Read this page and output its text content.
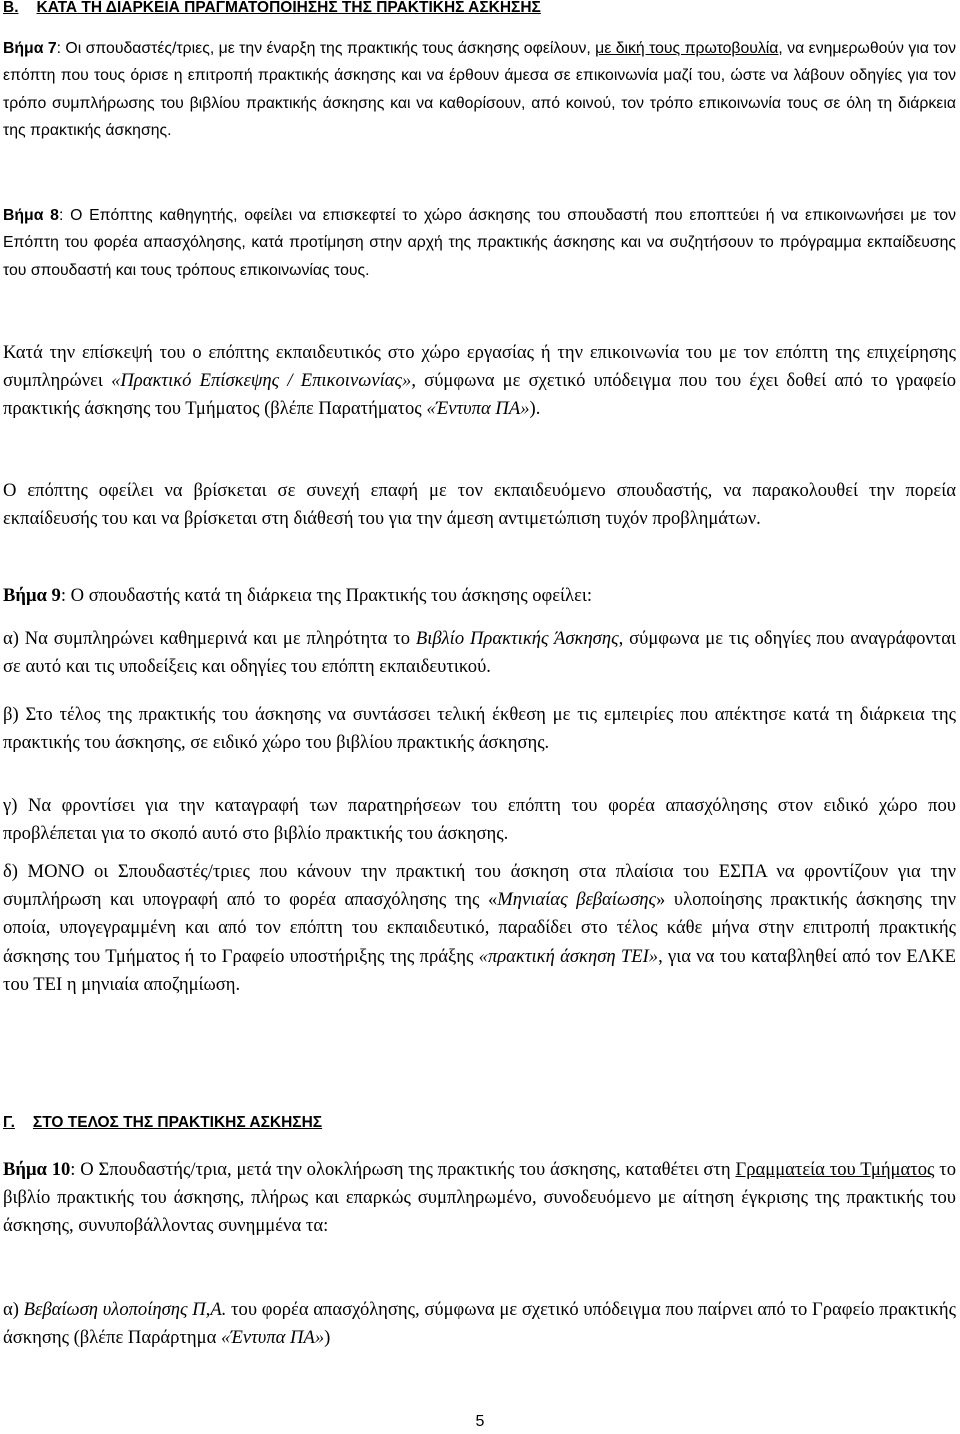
Β. ΚΑΤΑ ΤΗ ΔΙΑΡΚΕΙΑ ΠΡΑΓΜΑΤΟΠΟΙΗΣΗΣ ΤΗΣ ΠΡΑΚΤΙΚΗΣ ΑΣΚΗΣΗΣ

Βήμα 7: Οι σπουδαστές/τριες, με την έναρξη της πρακτικής τους άσκησης οφείλουν, με δική τους πρωτοβουλία, να ενημερωθούν για τον επόπτη που τους όρισε η επιτροπή πρακτικής άσκησης και να έρθουν άμεσα σε επικοινωνία μαζί του, ώστε να λάβουν οδηγίες για τον τρόπο συμπλήρωσης του βιβλίου πρακτικής άσκησης και να καθορίσουν, από κοινού, τον τρόπο επικοινωνία τους σε όλη τη διάρκεια της πρακτικής άσκησης.

Βήμα 8: Ο Επόπτης καθηγητής, οφείλει να επισκεφτεί το χώρο άσκησης του σπουδαστή που εποπτεύει ή να επικοινωνήσει με τον Επόπτη του φορέα απασχόλησης, κατά προτίμηση στην αρχή της πρακτικής άσκησης και να συζητήσουν το πρόγραμμα εκπαίδευσης του σπουδαστή και τους τρόπους επικοινωνίας τους.

Κατά την επίσκεψή του ο επόπτης εκπαιδευτικός στο χώρο εργασίας ή την επικοινωνία του με τον επόπτη της επιχείρησης συμπληρώνει «Πρακτικό Επίσκεψης / Επικοινωνίας», σύμφωνα με σχετικό υπόδειγμα που του έχει δοθεί από το γραφείο πρακτικής άσκησης του Τμήματος (βλέπε Παρατήματος «Έντυπα ΠΑ»).

Ο επόπτης οφείλει να βρίσκεται σε συνεχή επαφή με τον εκπαιδευόμενο σπουδαστής, να παρακολουθεί την πορεία εκπαίδευσής του και να βρίσκεται στη διάθεσή του για την άμεση αντιμετώπιση τυχόν προβλημάτων.

Βήμα 9: Ο σπουδαστής κατά τη διάρκεια της Πρακτικής του άσκησης οφείλει:

α) Να συμπληρώνει καθημερινά και με πληρότητα το Βιβλίο Πρακτικής Άσκησης, σύμφωνα με τις οδηγίες που αναγράφονται σε αυτό και τις υποδείξεις και οδηγίες του επόπτη εκπαιδευτικού.

β) Στο τέλος της πρακτικής του άσκησης να συντάσσει τελική έκθεση με τις εμπειρίες που απέκτησε κατά τη διάρκεια της πρακτικής του άσκησης, σε ειδικό χώρο του βιβλίου πρακτικής άσκησης.

γ) Να φροντίσει για την καταγραφή των παρατηρήσεων του επόπτη του φορέα απασχόλησης στον ειδικό χώρο που προβλέπεται για το σκοπό αυτό στο βιβλίο πρακτικής του άσκησης.

δ) ΜΟΝΟ οι Σπουδαστές/τριες που κάνουν την πρακτική του άσκηση στα πλαίσια του ΕΣΠΑ να φροντίζουν για την συμπλήρωση και υπογραφή από το φορέα απασχόλησης της «Μηνιαίας βεβαίωσης» υλοποίησης πρακτικής άσκησης την οποία, υπογεγραμμένη και από τον επόπτη του εκπαιδευτικό, παραδίδει στο τέλος κάθε μήνα στην επιτροπή πρακτικής άσκησης του Τμήματος ή το Γραφείο υποστήριξης της πράξης «πρακτική άσκηση ΤΕΙ», για να του καταβληθεί από τον ΕΛΚΕ του ΤΕΙ η μηνιαία αποζημίωση.

Γ. ΣΤΟ ΤΕΛΟΣ ΤΗΣ ΠΡΑΚΤΙΚΗΣ ΑΣΚΗΣΗΣ

Βήμα 10: Ο Σπουδαστής/τρια, μετά την ολοκλήρωση της πρακτικής του άσκησης, καταθέτει στη Γραμματεία του Τμήματος το βιβλίο πρακτικής του άσκησης, πλήρως και επαρκώς συμπληρωμένο, συνοδευόμενο με αίτηση έγκρισης της πρακτικής του άσκησης, συνυποβάλλοντας συνημμένα τα:

α) Βεβαίωση υλοποίησης Π,Α. του φορέα απασχόλησης, σύμφωνα με σχετικό υπόδειγμα που παίρνει από το Γραφείο πρακτικής άσκησης (βλέπε Παράρτημα «Έντυπα ΠΑ»)

5
